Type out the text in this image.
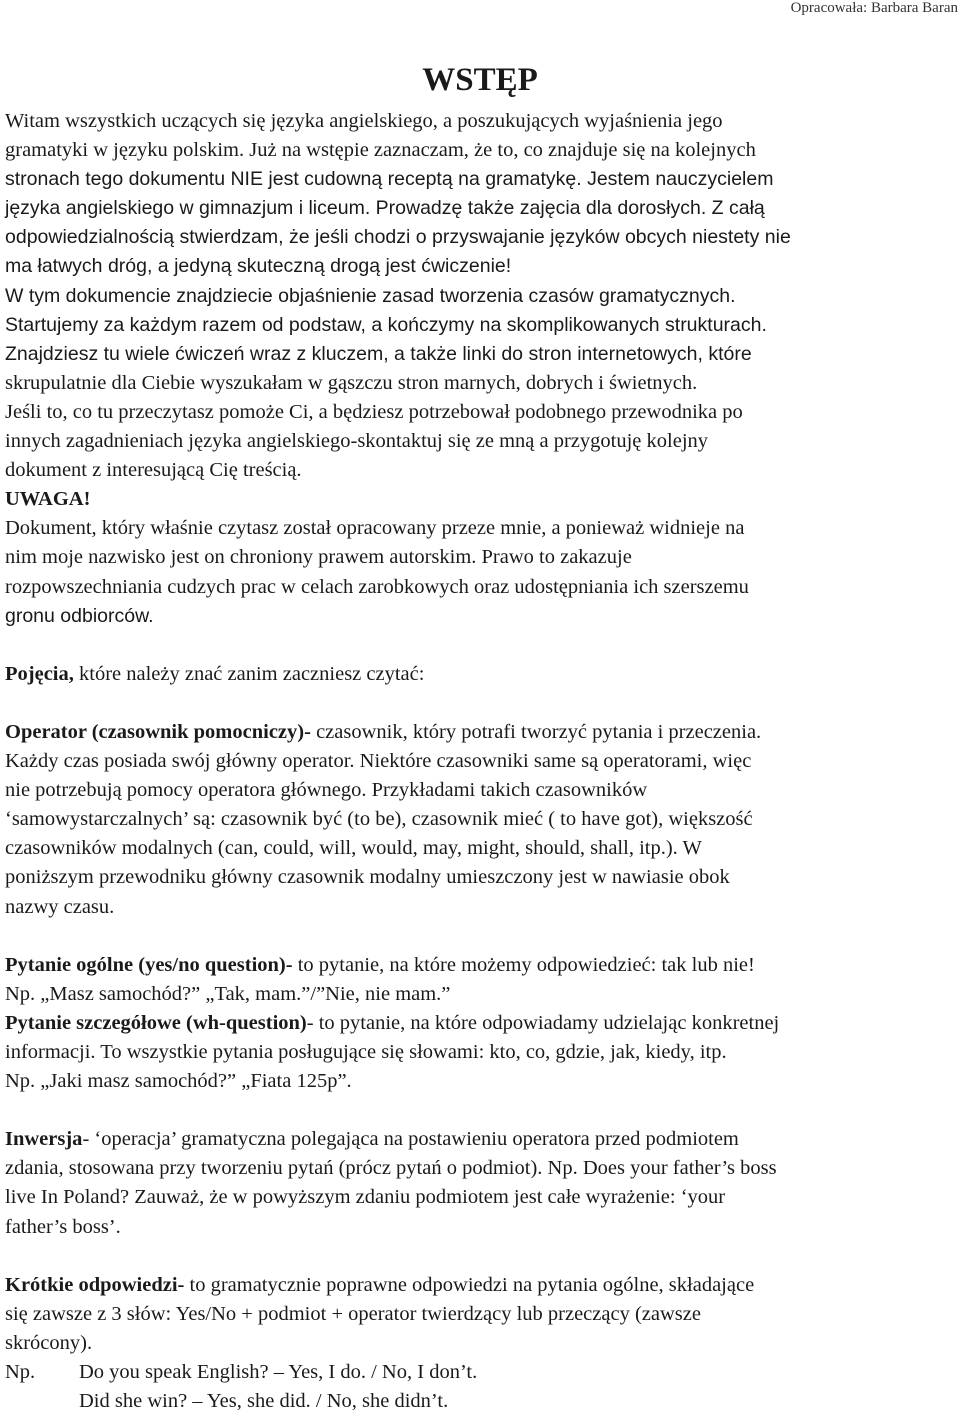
Opracowała: Barbara Baran
WSTĘP

Witam wszystkich uczących się języka angielskiego, a poszukujących wyjaśnienia jego

gramatyki w języku polskim. Już na wstępie zaznaczam, że to, co znajduje się na kolejnych

stronach tego dokumentu NIE jest cudowną receptą na gramatykę. Jestem nauczycielem

języka angielskiego w gimnazjum i liceum. Prowadzę także zajęcia dla dorosłych. Z całą

odpowiedzialnością stwierdzam, że jeśli chodzi o przyswajanie języków obcych niestety nie

ma łatwych dróg, a jedyną skuteczną drogą jest ćwiczenie!

W tym dokumencie znajdziecie objaśnienie zasad tworzenia czasów gramatycznych.

Startujemy za każdym razem od podstaw, a kończymy na skomplikowanych strukturach.

Znajdziesz tu wiele ćwiczeń wraz z kluczem, a także linki do stron internetowych, które

skrupulatnie dla Ciebie wyszukałam w gąszczu stron marnych, dobrych i świetnych.

Jeśli to, co tu przeczytasz pomoże Ci, a będziesz potrzebował podobnego przewodnika po

innych zagadnieniach języka angielskiego-skontaktuj się ze mną a przygotuję kolejny

dokument z interesującą Cię treścią.

UWAGA!

Dokument, który właśnie czytasz został opracowany przeze mnie, a ponieważ widnieje na

nim moje nazwisko jest on chroniony prawem autorskim. Prawo to zakazuje

rozpowszechniania cudzych prac w celach zarobkowych oraz udostępniania ich szerszemu

gronu odbiorców.

Pojęcia, które należy znać zanim zaczniesz czytać:

Operator (czasownik pomocniczy)- czasownik, który potrafi tworzyć pytania i przeczenia.

Każdy czas posiada swój główny operator. Niektóre czasowniki same są operatorami, więc

nie potrzebują pomocy operatora głównego. Przykładami takich czasowników

‘samowystarczalnych’ są: czasownik być (to be), czasownik mieć ( to have got), większość

czasowników modalnych (can, could, will, would, may, might, should, shall, itp.). W

poniższym przewodniku główny czasownik modalny umieszczony jest w nawiasie obok

nazwy czasu.

Pytanie ogólne (yes/no question)- to pytanie, na które możemy odpowiedzieć: tak lub nie!

Np. „Masz samochód?” „Tak, mam.”/”Nie, nie mam.”

Pytanie szczegółowe (wh-question)- to pytanie, na które odpowiadamy udzielając konkretnej

informacji. To wszystkie pytania posługujące się słowami: kto, co, gdzie, jak, kiedy, itp.

Np. „Jaki masz samochód?” „Fiata 125p”.

Inwersja- ‘operacja’ gramatyczna polegająca na postawieniu operatora przed podmiotem

zdania, stosowana przy tworzeniu pytań (prócz pytań o podmiot). Np. Does your father’s boss

live In Poland? Zauważ, że w powyższym zdaniu podmiotem jest całe wyrażenie: ‘your

father’s boss’.

Krótkie odpowiedzi- to gramatycznie poprawne odpowiedzi na pytania ogólne, składające

się zawsze z 3 słów: Yes/No + podmiot + operator twierdzący lub przeczący (zawsze

skrócony).

Np.	Do you speak English? – Yes, I do. / No, I don’t.
Did she win? – Yes, she did. / No, she didn’t.
